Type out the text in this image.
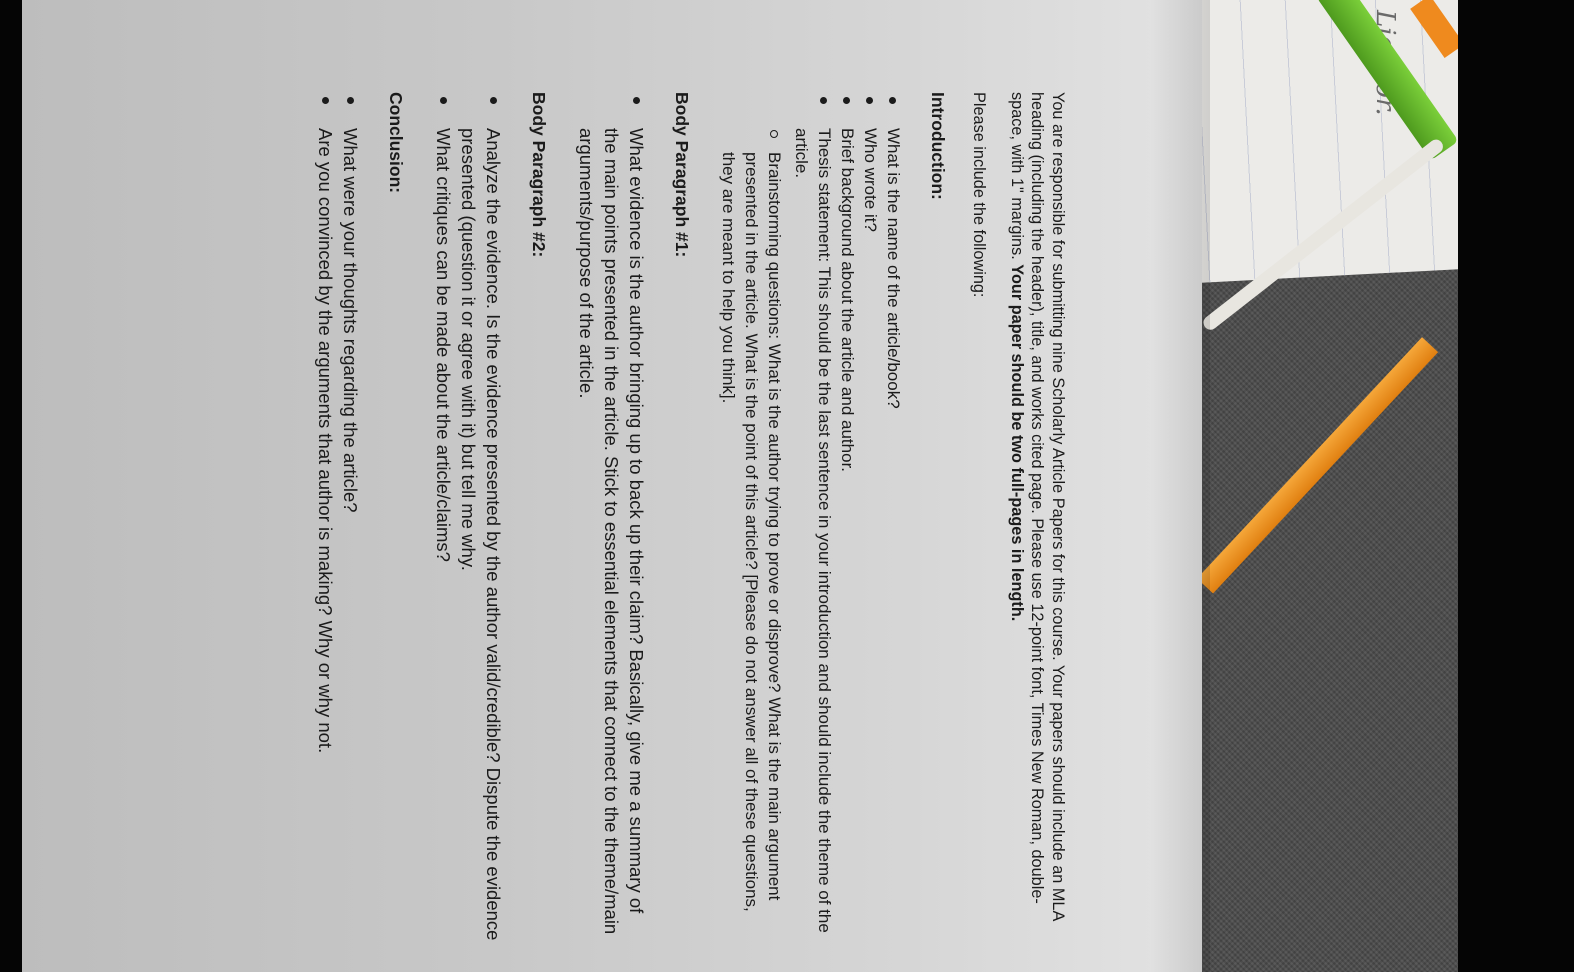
You are responsible for submitting nine Scholarly Article Papers for this course. Your papers should include an MLA heading (including the header), title, and works cited page. Please use 12-point font, Times New Roman, double-space, with 1" margins. Your paper should be two full-pages in length.

Please include the following:

Introduction:
What is the name of the article/book?
Who wrote it?
Brief background about the article and author.
Thesis statement: This should be the last sentence in your introduction and should include the theme of the article.
Brainstorming questions: What is the author trying to prove or disprove? What is the main argument presented in the article. What is the point of this article? [Please do not answer all of these questions, they are meant to help you think].
Body Paragraph #1:
What evidence is the author bringing up to back up their claim? Basically, give me a summary of the main points presented in the article. Stick to essential elements that connect to the theme/main arguments/purpose of the article.
Body Paragraph #2:
Analyze the evidence. Is the evidence presented by the author valid/credible? Dispute the evidence presented (question it or agree with it) but tell me why.
What critiques can be made about the article/claims?
Conclusion:
What were your thoughts regarding the article?
Are you convinced by the arguments that author is making? Why or why not.
